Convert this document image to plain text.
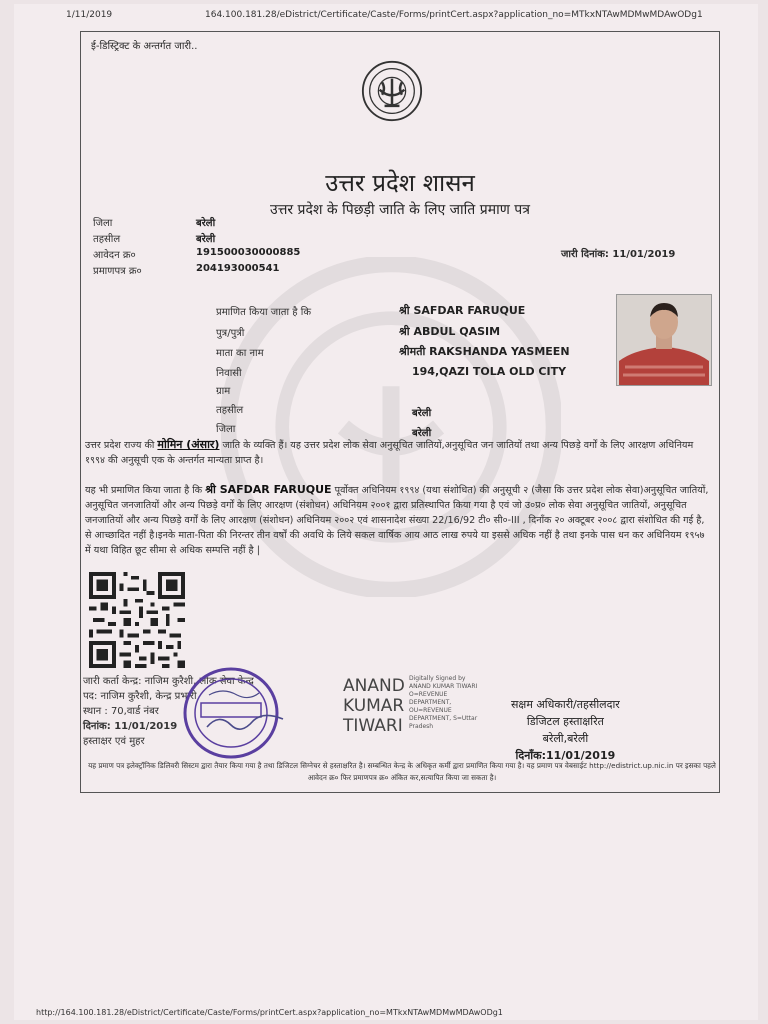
1/11/2019	164.100.181.28/eDistrict/Certificate/Caste/Forms/printCert.aspx?application_no=MTkxNTAwMDMwMDAwODg1
ई-डिस्ट्रिक्ट के अन्तर्गत जारी..
उत्तर प्रदेश शासन
उत्तर प्रदेश के पिछड़ी जाति के लिए जाति प्रमाण पत्र
जिला	बरेली
तहसील	बरेली
आवेदन क्र०	191500030000885
प्रमाणपत्र क्र०	204193000541
जारी दिनांक: 11/01/2019
प्रमाणित किया जाता है कि	श्री SAFDAR FARUQUE
पुत्र/पुत्री	श्री ABDUL QASIM
माता का नाम	श्रीमती RAKSHANDA YASMEEN
निवासी	194,QAZI TOLA OLD CITY
ग्राम
तहसील	बरेली
जिला	बरेली
उत्तर प्रदेश राज्य की मोमिन (अंसार) जाति के व्यक्ति हैं। यह उत्तर प्रदेश लोक सेवा अनुसूचित जातियों,अनुसूचित जन जातियों तथा अन्य पिछड़े वर्गों के लिए आरक्षण अधिनियम १९९४ की अनुसूची एक के अन्तर्गत मान्यता प्राप्त है।
यह भी प्रमाणित किया जाता है कि श्री SAFDAR FARUQUE पूर्वोक्त अधिनियम १९९४ (यथा संशोधित) की अनुसूची २ (जैसा कि उत्तर प्रदेश लोक सेवा)अनुसूचित जातियों, अनुसूचित जनजातियों और अन्य पिछड़े वर्गों के लिए आरक्षण (संशोधन) अधिनियम २००१ द्वारा प्रतिस्थापित किया गया है एवं जो उ०प्र० लोक सेवा अनुसूचित जातियों, अनुसूचित जनजातियों और अन्य पिछड़े वर्गों के लिए आरक्षण (संशोधन) अधिनियम २००२ एवं शासनादेश संख्या 22/16/92 टी० सी०-III , दिनाँक २० अक्टूबर २००८ द्वारा संशोधित की गई है, से आच्छादित नहीं है।इनके माता-पिता की निरन्तर तीन वर्षों की अवधि के लिये सकल वार्षिक आय आठ लाख रुपये या इससे अधिक नहीं है तथा इनके पास धन कर अधिनियम १९५७ में यथा विहित छूट सीमा से अधिक सम्पत्ति नहीं है |
जारी कर्ता केन्द्र: नाजिम कुरैशी, लोक सेवा केन्द्र
पद: नाजिम कुरैशी, केन्द्र प्रभारी
स्थान : 70,वार्ड नंबर
दिनांक: 11/01/2019
हस्ताक्षर एवं मुहर
ANAND
KUMAR
TIWARI
Digitally Signed by
ANAND KUMAR TIWARI
O=REVENUE
DEPARTMENT,
OU=REVENUE
DEPARTMENT, S=Uttar
Pradesh
सक्षम अधिकारी/तहसीलदार
डिजिटल हस्ताक्षरित
बरेली,बरेली
दिनाँक:11/01/2019
यह प्रमाण पत्र इलेक्ट्रॉनिक डिलिवरी सिस्टम द्वारा तैयार किया गया है तथा डिजिटल सिग्नेचर से हस्ताक्षरित है। सम्बन्धित केन्द्र के अधिकृत कर्मी द्वारा प्रमाणित किया गया है। यह प्रमाण पत्र वेबसाईट http://edistrict.up.nic.in पर इसका पहले आवेदन क्र० फिर प्रमाणपत्र क्र० अंकित कर,सत्यापित किया जा सकता है।
http://164.100.181.28/eDistrict/Certificate/Caste/Forms/printCert.aspx?application_no=MTkxNTAwMDMwMDAwODg1
